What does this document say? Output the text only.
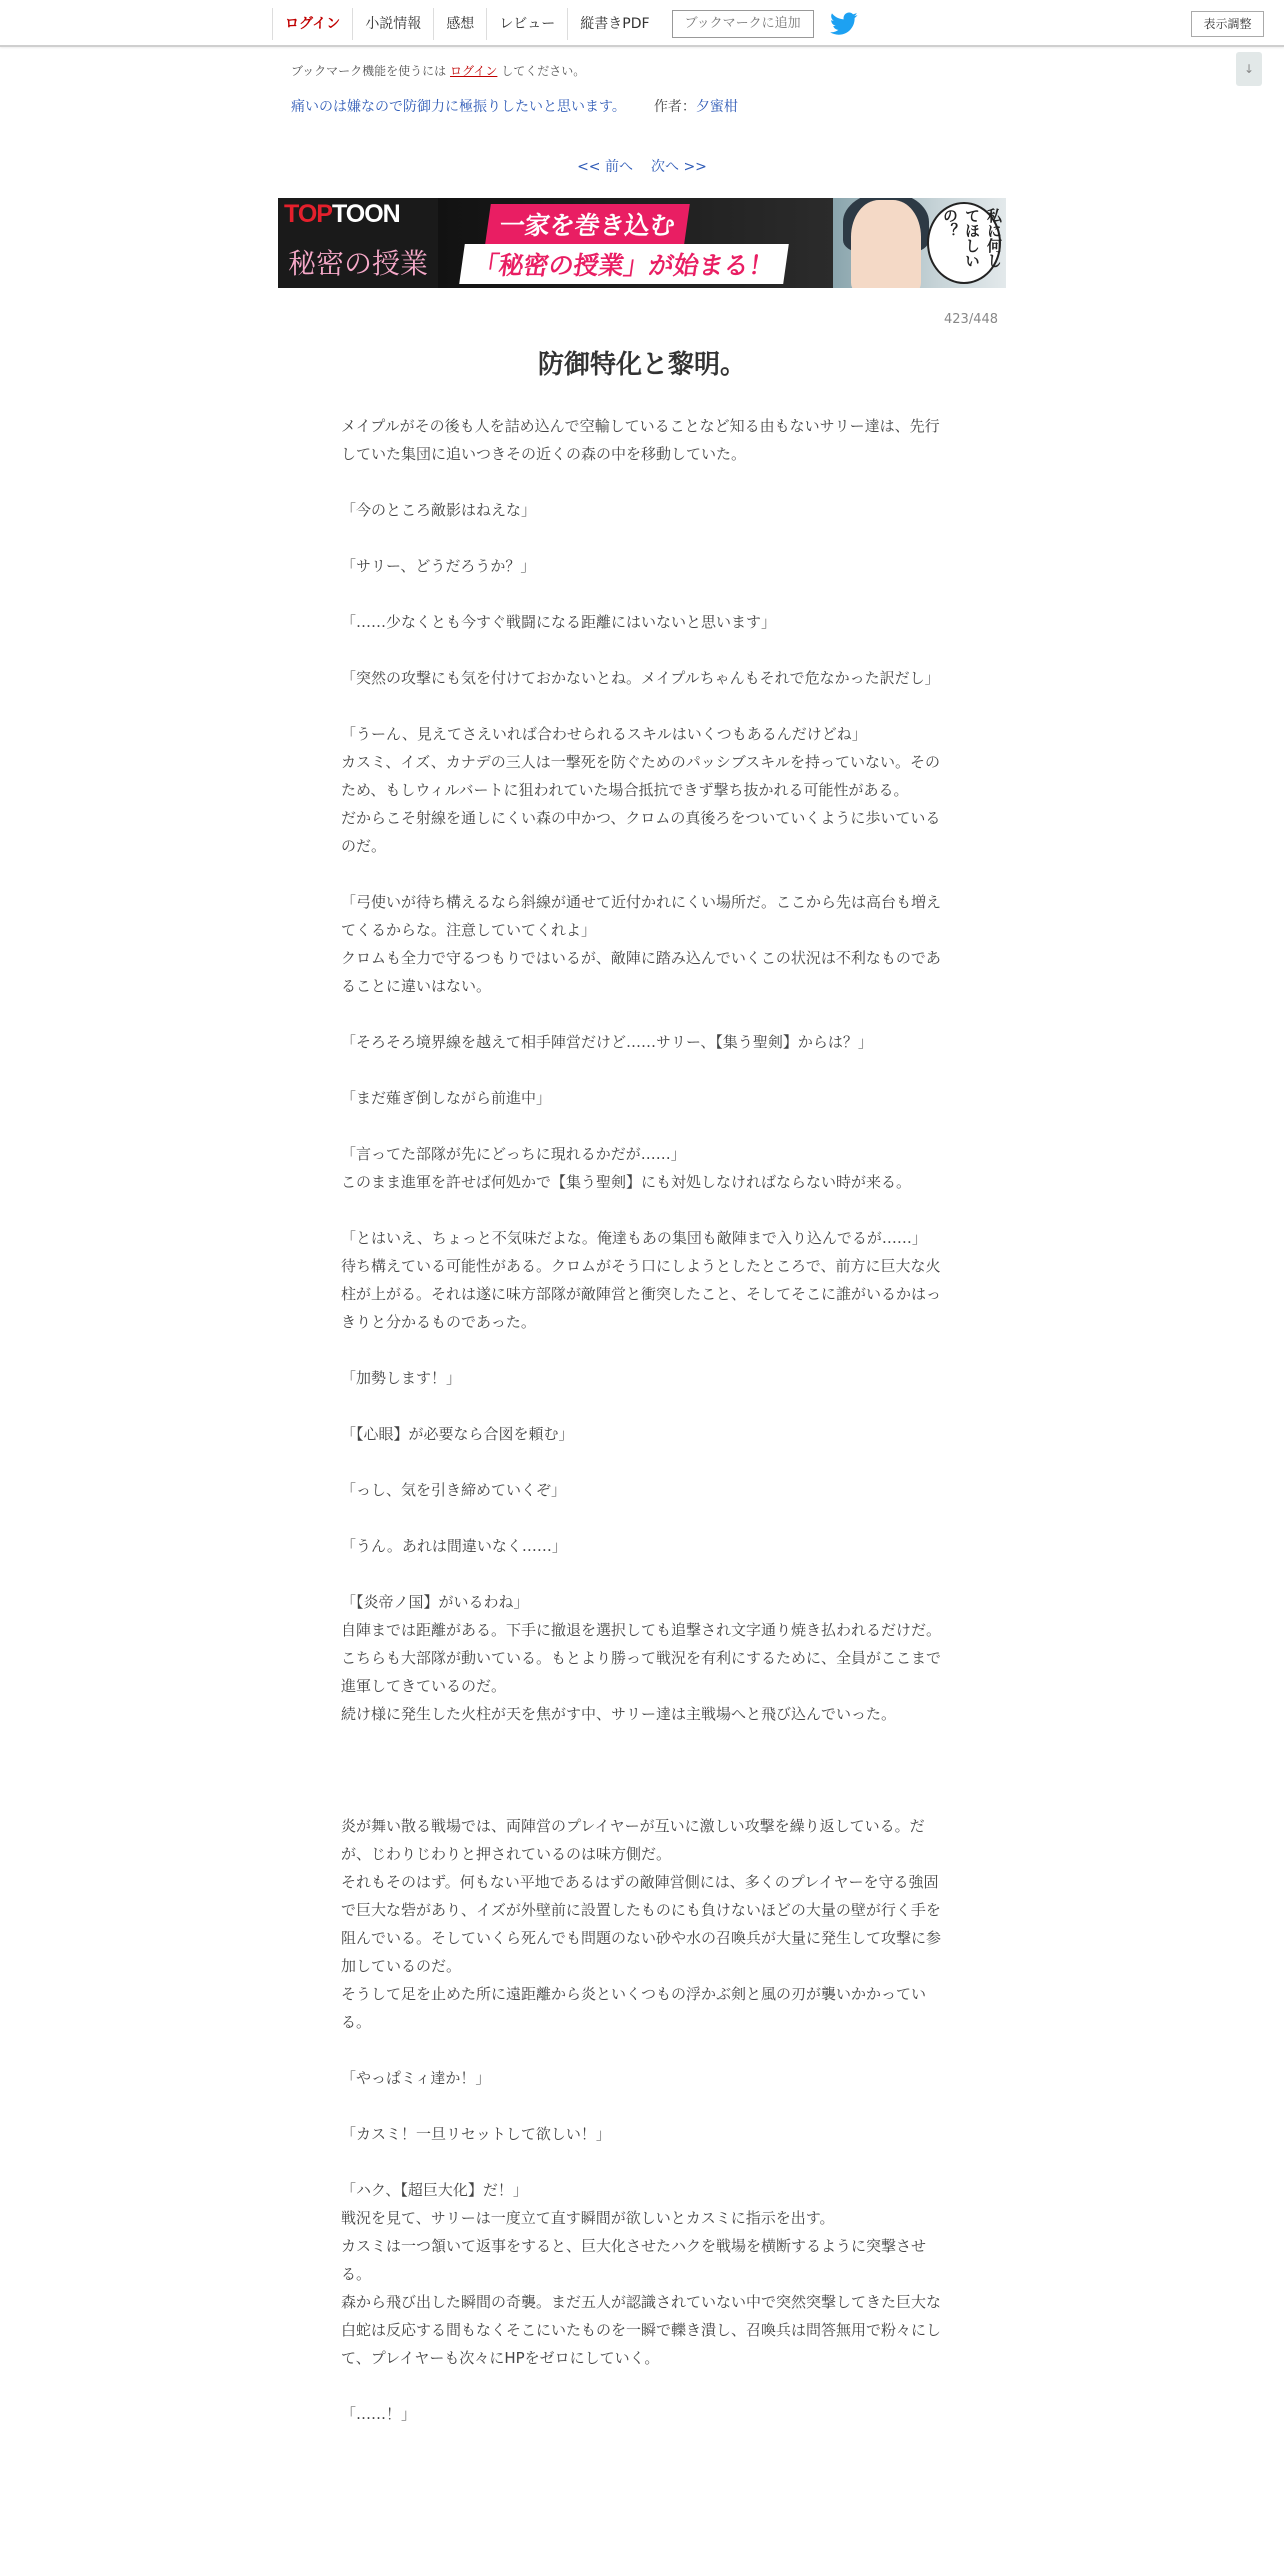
ログイン	小説情報	感想	レビュー	縦書きPDF	ブックマークに追加	表示調整
↓
ブックマーク機能を使うには ログイン してください。
痛いのは嫌なので防御力に極振りしたいと思います。 作者：夕蜜柑
<< 前へ 次へ >>
TOPTOON
秘密の授業
一家を巻き込む
「秘密の授業」が始まる！	私に何してほしいの？
423/448
防御特化と黎明。

メイプルがその後も人を詰め込んで空輸していることなど知る由もないサリー達は、先行していた集団に追いつきその近くの森の中を移動していた。

「今のところ敵影はねえな」

「サリー、どうだろうか？」

「……少なくとも今すぐ戦闘になる距離にはいないと思います」

「突然の攻撃にも気を付けておかないとね。メイプルちゃんもそれで危なかった訳だし」

「うーん、見えてさえいれば合わせられるスキルはいくつもあるんだけどね」

カスミ、イズ、カナデの三人は一撃死を防ぐためのパッシブスキルを持っていない。そのため、もしウィルバートに狙われていた場合抵抗できず撃ち抜かれる可能性がある。

だからこそ射線を通しにくい森の中かつ、クロムの真後ろをついていくように歩いているのだ。

「弓使いが待ち構えるなら斜線が通せて近付かれにくい場所だ。ここから先は高台も増えてくるからな。注意していてくれよ」

クロムも全力で守るつもりではいるが、敵陣に踏み込んでいくこの状況は不利なものであることに違いはない。

「そろそろ境界線を越えて相手陣営だけど……サリー、【集う聖剣】からは？」

「まだ薙ぎ倒しながら前進中」

「言ってた部隊が先にどっちに現れるかだが……」

このまま進軍を許せば何処かで【集う聖剣】にも対処しなければならない時が来る。

「とはいえ、ちょっと不気味だよな。俺達もあの集団も敵陣まで入り込んでるが……」

待ち構えている可能性がある。クロムがそう口にしようとしたところで、前方に巨大な火柱が上がる。それは遂に味方部隊が敵陣営と衝突したこと、そしてそこに誰がいるかはっきりと分かるものであった。

「加勢します！」

「【心眼】が必要なら合図を頼む」

「っし、気を引き締めていくぞ」

「うん。あれは間違いなく……」

「【炎帝ノ国】がいるわね」

自陣までは距離がある。下手に撤退を選択しても追撃され文字通り焼き払われるだけだ。

こちらも大部隊が動いている。もとより勝って戦況を有利にするために、全員がここまで進軍してきているのだ。

続け様に発生した火柱が天を焦がす中、サリー達は主戦場へと飛び込んでいった。

炎が舞い散る戦場では、両陣営のプレイヤーが互いに激しい攻撃を繰り返している。だが、じわりじわりと押されているのは味方側だ。

それもそのはず。何もない平地であるはずの敵陣営側には、多くのプレイヤーを守る強固で巨大な砦があり、イズが外壁前に設置したものにも負けないほどの大量の壁が行く手を阻んでいる。そしていくら死んでも問題のない砂や水の召喚兵が大量に発生して攻撃に参加しているのだ。

そうして足を止めた所に遠距離から炎といくつもの浮かぶ剣と風の刃が襲いかかっている。

「やっぱミィ達か！」

「カスミ！一旦リセットして欲しい！」

「ハク、【超巨大化】だ！」

戦況を見て、サリーは一度立て直す瞬間が欲しいとカスミに指示を出す。

カスミは一つ頷いて返事をすると、巨大化させたハクを戦場を横断するように突撃させる。

森から飛び出した瞬間の奇襲。まだ五人が認識されていない中で突然突撃してきた巨大な白蛇は反応する間もなくそこにいたものを一瞬で轢き潰し、召喚兵は問答無用で粉々にして、プレイヤーも次々にHPをゼロにしていく。

「……！」
